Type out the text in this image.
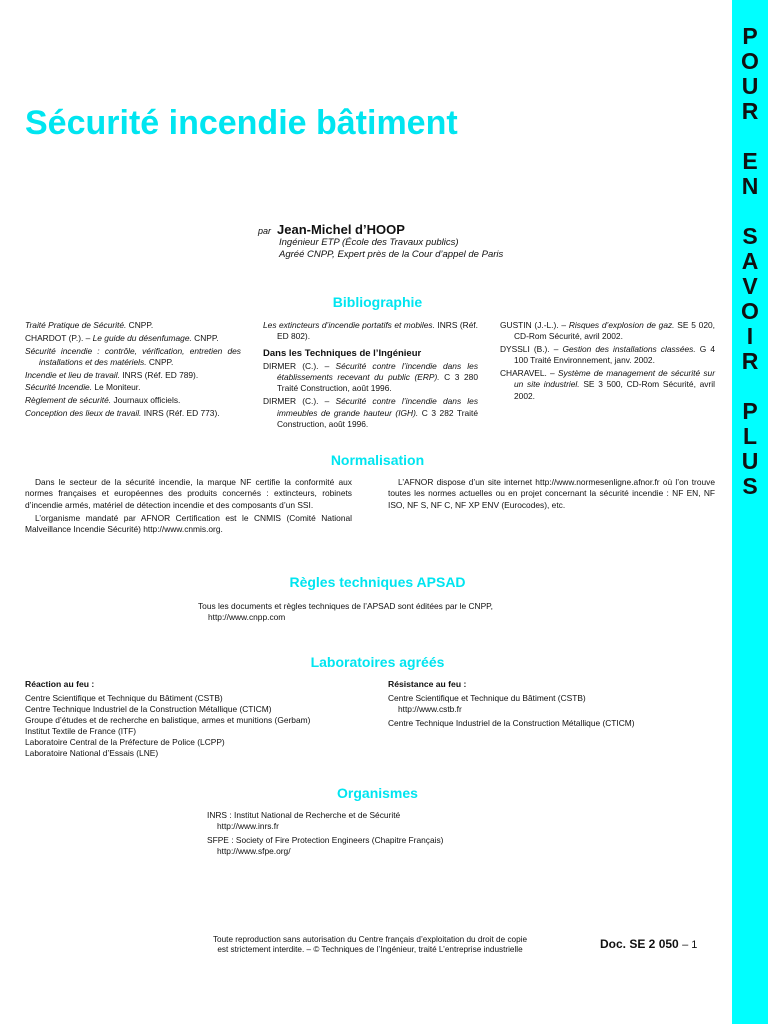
P
O
U
R
E
N
S
A
V
O
I
R
P
L
U
S
Sécurité incendie bâtiment
par Jean-Michel d’HOOP
Ingénieur ETP (École des Travaux publics)
Agréé CNPP, Expert près de la Cour d’appel de Paris
Bibliographie
Traité Pratique de Sécurité. CNPP.
CHARDOT (P.). – Le guide du désenfumage. CNPP.
Sécurité incendie : contrôle, vérification, entretien des installations et des matériels. CNPP.
Incendie et lieu de travail. INRS (Réf. ED 789).
Sécurité Incendie. Le Moniteur.
Règlement de sécurité. Journaux officiels.
Conception des lieux de travail. INRS (Réf. ED 773).
Les extincteurs d’incendie portatifs et mobiles. INRS (Réf. ED 802).
Dans les Techniques de l’Ingénieur
DIRMER (C.). – Sécurité contre l’incendie dans les établissements recevant du public (ERP). C 3 280 Traité Construction, août 1996.
DIRMER (C.). – Sécurité contre l’incendie dans les immeubles de grande hauteur (IGH). C 3 282 Traité Construction, août 1996.
GUSTIN (J.-L.). – Risques d’explosion de gaz. SE 5 020, CD-Rom Sécurité, avril 2002.
DYSSLI (B.). – Gestion des installations classées. G 4 100 Traité Environnement, janv. 2002.
CHARAVEL. – Système de management de sécurité sur un site industriel. SE 3 500, CD-Rom Sécurité, avril 2002.
Normalisation

Dans le secteur de la sécurité incendie, la marque NF certifie la conformité aux normes françaises et européennes des produits concernés : extincteurs, robinets d’incendie armés, matériel de détection incendie et des composants d’un SSI.

L’organisme mandaté par AFNOR Certification est le CNMIS (Comité National Malveillance Incendie Sécurité) http://www.cnmis.org.

L’AFNOR dispose d’un site internet http://www.normesenligne.afnor.fr où l’on trouve toutes les normes actuelles ou en projet concernant la sécurité incendie : NF EN, NF ISO, NF S, NF C, NF XP ENV (Eurocodes), etc.

Règles techniques APSAD
Tous les documents et règles techniques de l’APSAD sont éditées par le CNPP,
http://www.cnpp.com
Laboratoires agréés
Réaction au feu :
Centre Scientifique et Technique du Bâtiment (CSTB)
Centre Technique Industriel de la Construction Métallique (CTICM)
Groupe d’études et de recherche en balistique, armes et munitions (Gerbam)
Institut Textile de France (ITF)
Laboratoire Central de la Préfecture de Police (LCPP)
Laboratoire National d’Essais (LNE)
Résistance au feu :
Centre Scientifique et Technique du Bâtiment (CSTB)
http://www.cstb.fr
Centre Technique Industriel de la Construction Métallique (CTICM)
Organismes
INRS : Institut National de Recherche et de Sécurité
http://www.inrs.fr
SFPE : Society of Fire Protection Engineers (Chapitre Français)
http://www.sfpe.org/
Toute reproduction sans autorisation du Centre français d’exploitation du droit de copie
est strictement interdite. – © Techniques de l’Ingénieur, traité L’entreprise industrielle	Doc. SE 2 050 – 1
